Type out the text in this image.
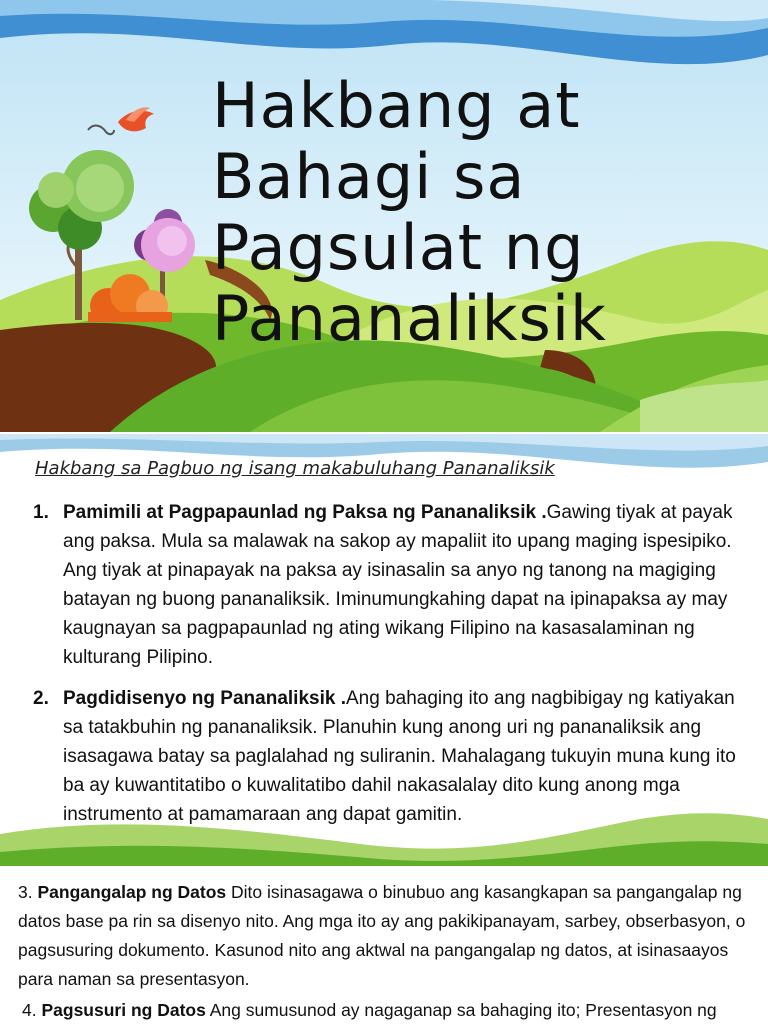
Hakbang at
Bahagi sa
Pagsulat ng
Pananaliksik

Hakbang sa Pagbuo ng isang makabuluhang Pananaliksik

1. Pamimili at Pagpapaunlad ng Paksa ng Pananaliksik .Gawing tiyak at payak ang paksa. Mula sa malawak na sakop ay mapaliit ito upang maging ispesipiko. Ang tiyak at pinapayak na paksa ay isinasalin sa anyo ng tanong na magiging batayan ng buong pananaliksik. Iminumungkahing dapat na ipinapaksa ay may kaugnayan sa pagpapaunlad ng ating wikang Filipino na kasasalaminan ng kulturang Pilipino.
2. Pagdidisenyo ng Pananaliksik .Ang bahaging ito ang nagbibigay ng katiyakan sa tatakbuhin ng pananaliksik. Planuhin kung anong uri ng pananaliksik ang isasagawa batay sa paglalahad ng suliranin. Mahalagang tukuyin muna kung ito ba ay kuwantitatibo o kuwalitatibo dahil nakasalalay dito kung anong mga instrumento at pamamaraan ang dapat gamitin.

3. Pangangalap ng Datos Dito isinasagawa o binubuo ang kasangkapan sa pangangalap ng datos base pa rin sa disenyo nito. Ang mga ito ay ang pakikipanayam, sarbey, obserbasyon, o pagsusuring dokumento. Kasunod nito ang aktwal na pangangalap ng datos, at isinasaayos para naman sa presentasyon.

4. Pagsusuri ng Datos Ang sumusunod ay nagaganap sa bahaging ito; Presentasyon ng
